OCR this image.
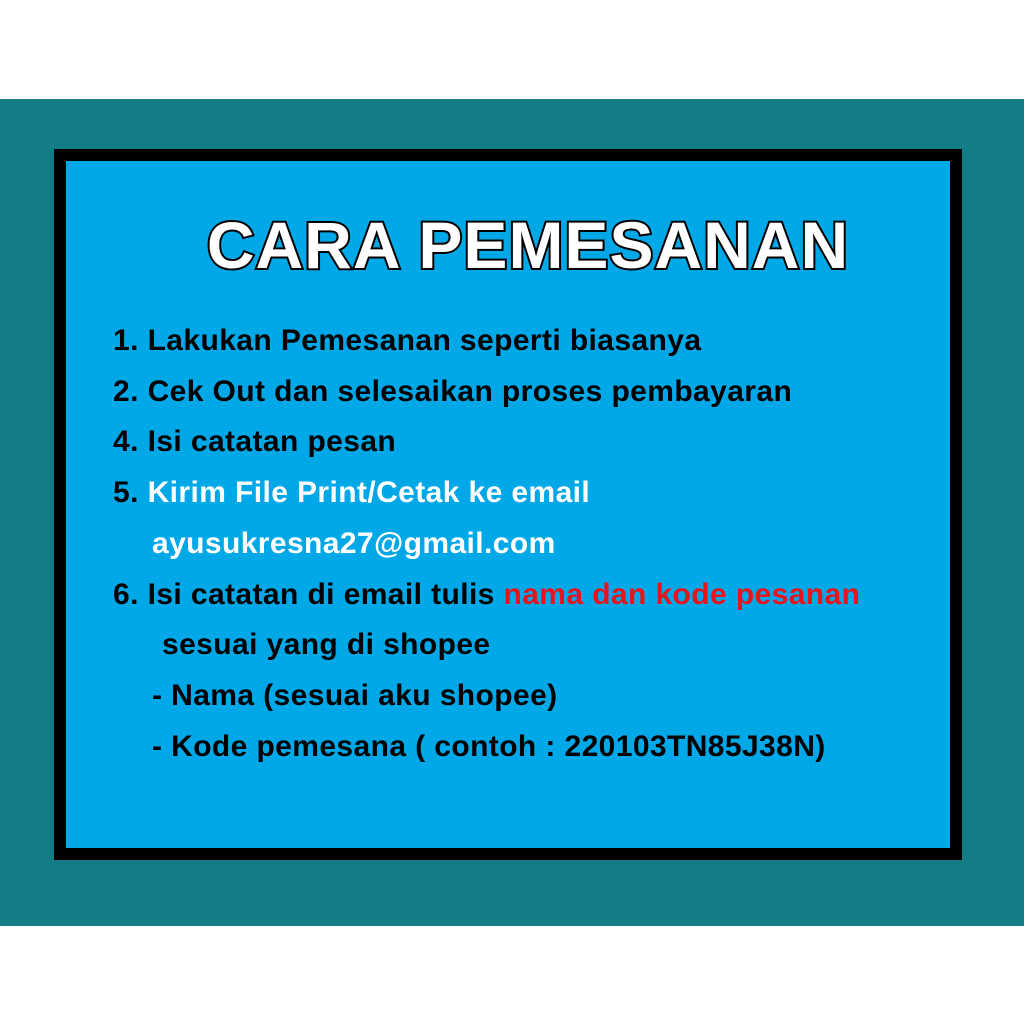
CARA PEMESANAN
1. Lakukan Pemesanan seperti biasanya
2. Cek Out dan selesaikan proses pembayaran
4. Isi catatan pesan
5. Kirim File Print/Cetak ke email
ayusukresna27@gmail.com
6. Isi catatan di email tulis nama dan kode pesanan
sesuai yang di shopee
- Nama (sesuai aku shopee)
- Kode pemesana ( contoh : 220103TN85J38N)
